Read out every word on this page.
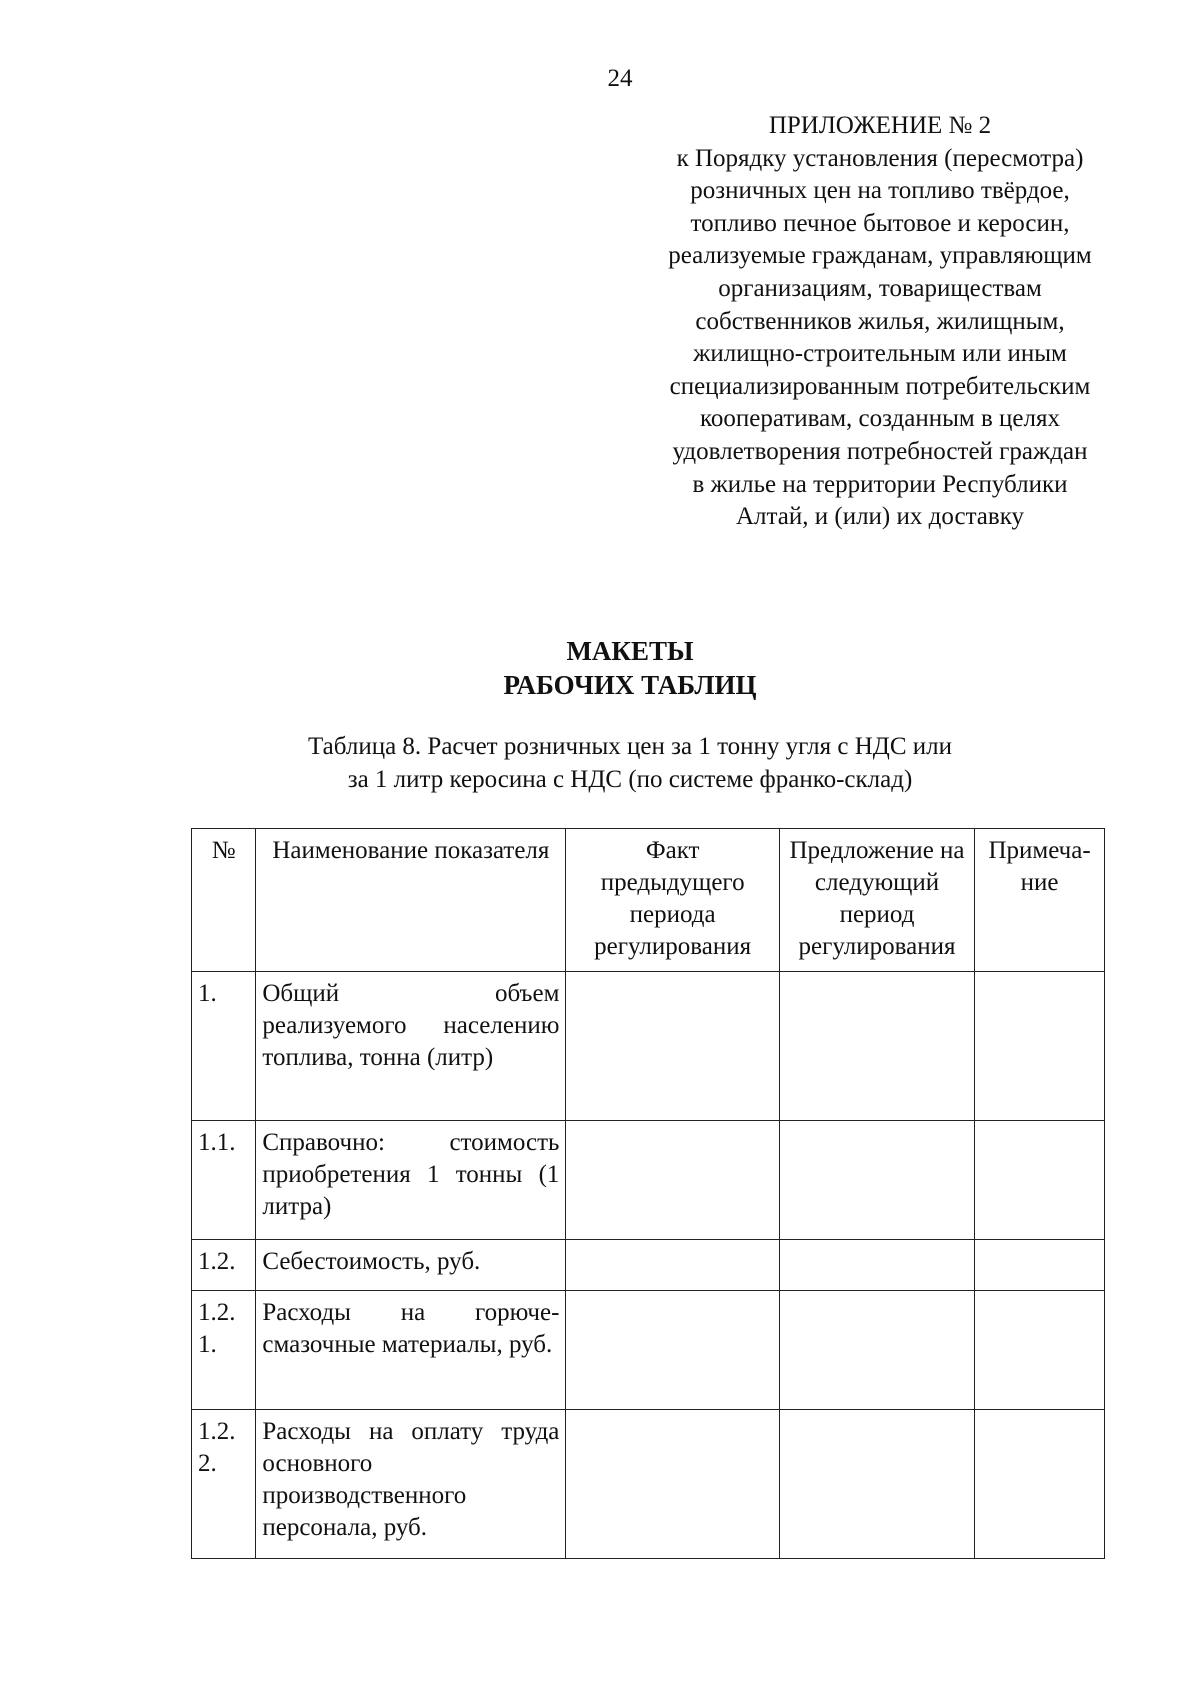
24
ПРИЛОЖЕНИЕ № 2
к Порядку установления (пересмотра)
розничных цен на топливо твёрдое,
топливо печное бытовое и керосин,
реализуемые гражданам, управляющим
организациям, товариществам
собственников жилья, жилищным,
жилищно-строительным или иным
специализированным потребительским
кооперативам, созданным в целях
удовлетворения потребностей граждан
в жилье на территории Республики
Алтай, и (или) их доставку
МАКЕТЫ
РАБОЧИХ ТАБЛИЦ
Таблица 8. Расчет розничных цен за 1 тонну угля с НДС или
за 1 литр керосина с НДС (по системе франко-склад)
№	Наименование показателя	Факт предыдущего периода регулирования	Предложение на следующий период регулирования	Примеча-ние
1.	Общий объем реализуемого населению топлива, тонна (литр)			
1.1.	Справочно: стоимость приобретения 1 тонны (1 литра)			
1.2.	Себестоимость, руб.			
1.2.1.	Расходы на горюче-смазочные материалы, руб.			
1.2.2.	Расходы на оплату труда основного производственного персонала, руб.			
